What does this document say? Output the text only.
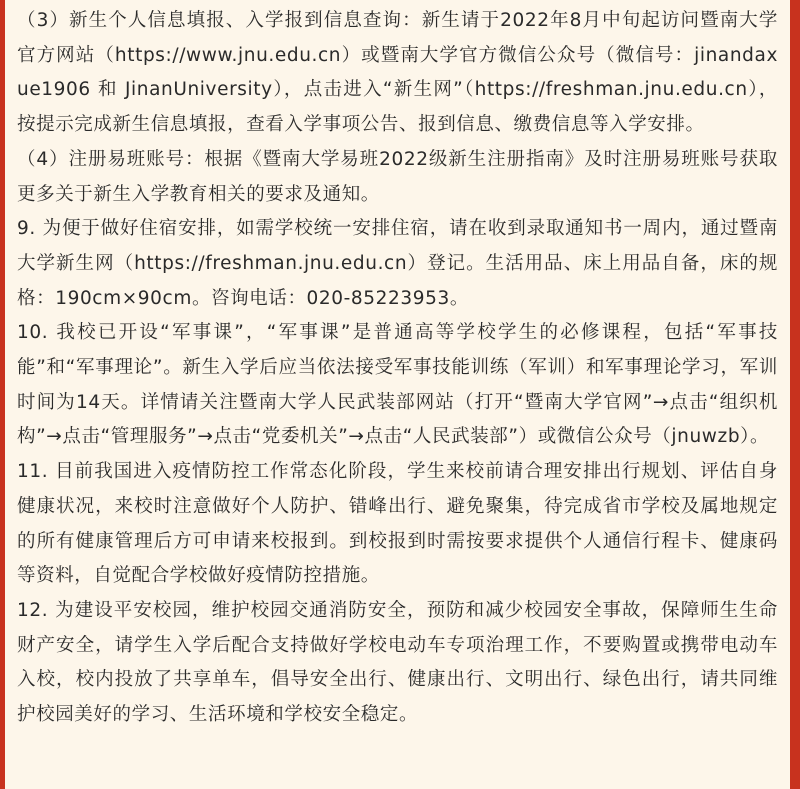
（3）新生个人信息填报、入学报到信息查询：新生请于2022年8月中旬起访问暨南大学官方网站（https://www.jnu.edu.cn）或暨南大学官方微信公众号（微信号：jinandaxue1906 和 JinanUniversity），点击进入“新生网”（https://freshman.jnu.edu.cn），按提示完成新生信息填报，查看入学事项公告、报到信息、缴费信息等入学安排。

（4）注册易班账号：根据《暨南大学易班2022级新生注册指南》及时注册易班账号获取更多关于新生入学教育相关的要求及通知。

9. 为便于做好住宿安排，如需学校统一安排住宿，请在收到录取通知书一周内，通过暨南大学新生网（https://freshman.jnu.edu.cn）登记。生活用品、床上用品自备，床的规格：190cm×90cm。咨询电话：020-85223953。

10. 我校已开设“军事课”，“军事课”是普通高等学校学生的必修课程，包括“军事技能”和“军事理论”。新生入学后应当依法接受军事技能训练（军训）和军事理论学习，军训时间为14天。详情请关注暨南大学人民武装部网站（打开“暨南大学官网”→点击“组织机构”→点击“管理服务”→点击“党委机关”→点击“人民武装部”）或微信公众号（jnuwzb）。

11. 目前我国进入疫情防控工作常态化阶段，学生来校前请合理安排出行规划、评估自身健康状况，来校时注意做好个人防护、错峰出行、避免聚集，待完成省市学校及属地规定的所有健康管理后方可申请来校报到。到校报到时需按要求提供个人通信行程卡、健康码等资料，自觉配合学校做好疫情防控措施。

12. 为建设平安校园，维护校园交通消防安全，预防和减少校园安全事故，保障师生生命财产安全，请学生入学后配合支持做好学校电动车专项治理工作，不要购置或携带电动车入校，校内投放了共享单车，倡导安全出行、健康出行、文明出行、绿色出行，请共同维护校园美好的学习、生活环境和学校安全稳定。
